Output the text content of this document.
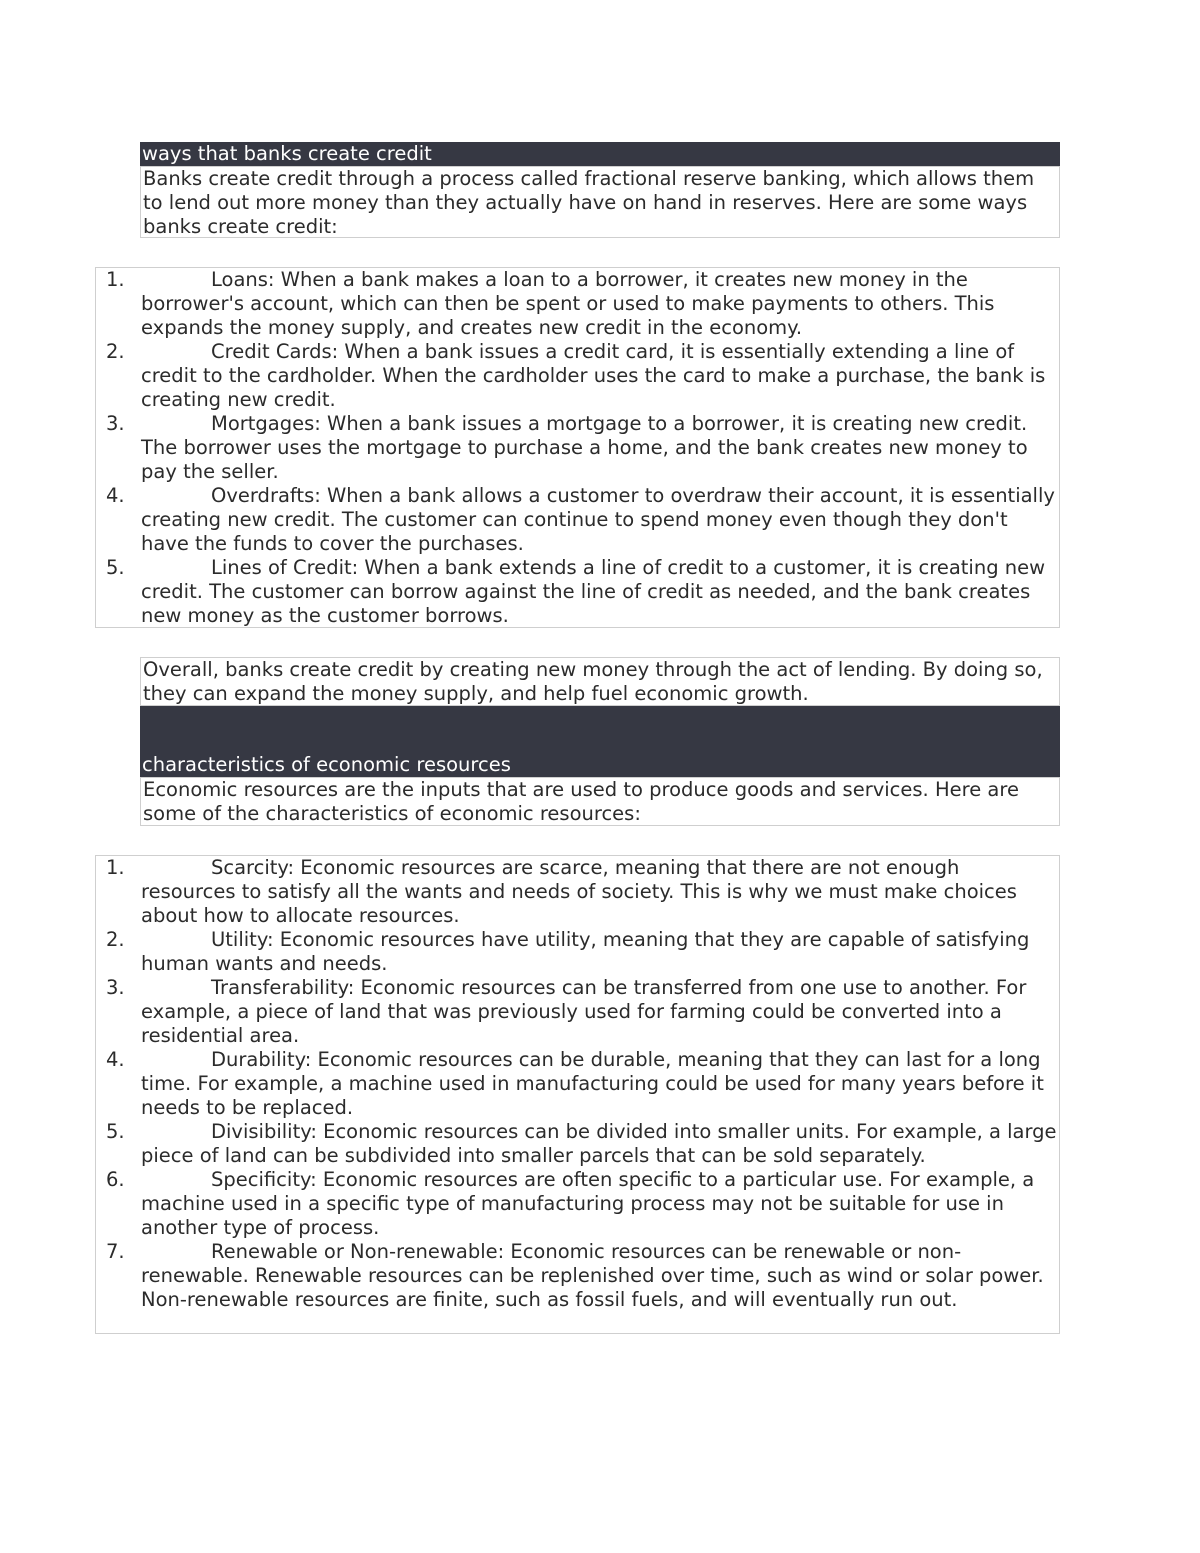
ways that banks create credit
Banks create credit through a process called fractional reserve banking, which allows them to lend out more money than they actually have on hand in reserves. Here are some ways banks create credit:
1.	Loans: When a bank makes a loan to a borrower, it creates new money in the borrower's account, which can then be spent or used to make payments to others. This expands the money supply, and creates new credit in the economy.
2.	Credit Cards: When a bank issues a credit card, it is essentially extending a line of credit to the cardholder. When the cardholder uses the card to make a purchase, the bank is creating new credit.
3.	Mortgages: When a bank issues a mortgage to a borrower, it is creating new credit. The borrower uses the mortgage to purchase a home, and the bank creates new money to pay the seller.
4.	Overdrafts: When a bank allows a customer to overdraw their account, it is essentially creating new credit. The customer can continue to spend money even though they don't have the funds to cover the purchases.
5.	Lines of Credit: When a bank extends a line of credit to a customer, it is creating new credit. The customer can borrow against the line of credit as needed, and the bank creates new money as the customer borrows.
Overall, banks create credit by creating new money through the act of lending. By doing so, they can expand the money supply, and help fuel economic growth.
characteristics of economic resources
Economic resources are the inputs that are used to produce goods and services. Here are some of the characteristics of economic resources:
1.	Scarcity: Economic resources are scarce, meaning that there are not enough resources to satisfy all the wants and needs of society. This is why we must make choices about how to allocate resources.
2.	Utility: Economic resources have utility, meaning that they are capable of satisfying human wants and needs.
3.	Transferability: Economic resources can be transferred from one use to another. For example, a piece of land that was previously used for farming could be converted into a residential area.
4.	Durability: Economic resources can be durable, meaning that they can last for a long time. For example, a machine used in manufacturing could be used for many years before it needs to be replaced.
5.	Divisibility: Economic resources can be divided into smaller units. For example, a large piece of land can be subdivided into smaller parcels that can be sold separately.
6.	Specificity: Economic resources are often specific to a particular use. For example, a machine used in a specific type of manufacturing process may not be suitable for use in another type of process.
7.	Renewable or Non-renewable: Economic resources can be renewable or non-renewable. Renewable resources can be replenished over time, such as wind or solar power. Non-renewable resources are finite, such as fossil fuels, and will eventually run out.
